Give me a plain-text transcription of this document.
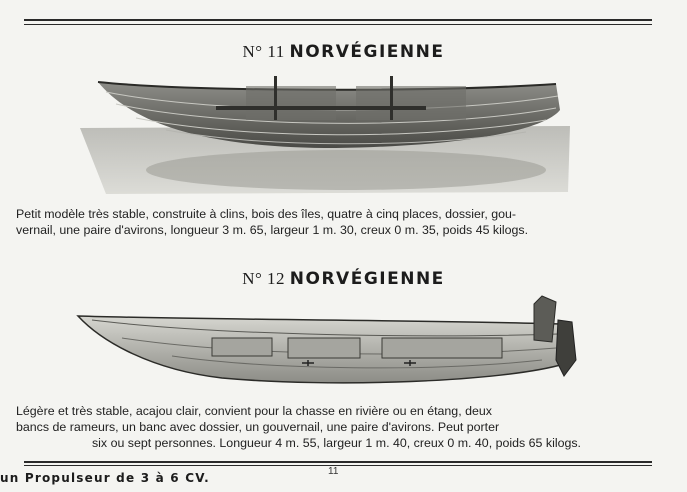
N° 11 NORVÉGIENNE
Petit modèle très stable, construite à clins, bois des îles, quatre à cinq places, dossier, gou-
vernail, une paire d'avirons, longueur 3 m. 65, largeur 1 m. 30, creux 0 m. 35, poids 45 kilogs.
N° 12 NORVÉGIENNE
Légère et très stable, acajou clair, convient pour la chasse en rivière ou en étang, deux
bancs de rameurs, un banc avec dossier, un gouvernail, une paire d'avirons. Peut porter
six ou sept personnes. Longueur 4 m. 55, largeur 1 m. 40, creux 0 m. 40, poids 65 kilogs.
11
un Propulseur de 3 à 6 CV.
